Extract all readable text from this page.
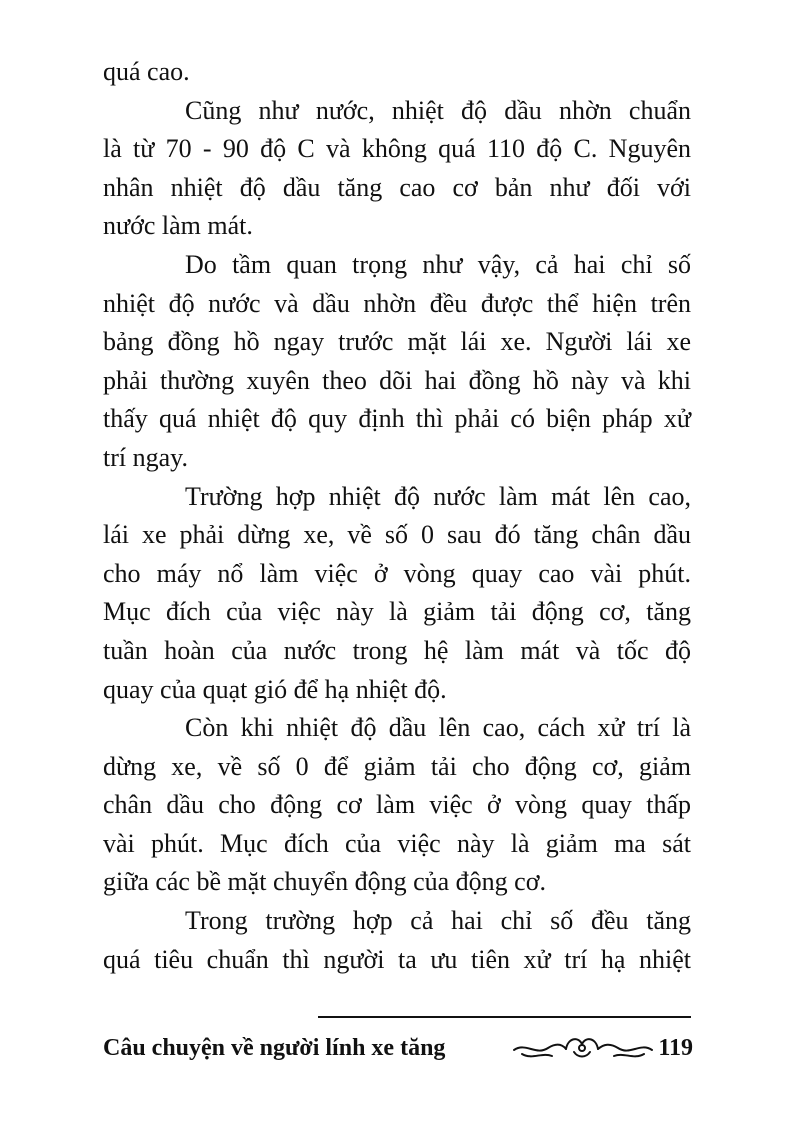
quá cao.

Cũng như nước, nhiệt độ dầu nhờn chuẩn
là từ 70 - 90 độ C và không quá 110 độ C. Nguyên
nhân nhiệt độ dầu tăng cao cơ bản như đối với
nước làm mát.

Do tầm quan trọng như vậy, cả hai chỉ số
nhiệt độ nước và dầu nhờn đều được thể hiện trên
bảng đồng hồ ngay trước mặt lái xe. Người lái xe
phải thường xuyên theo dõi hai đồng hồ này và khi
thấy quá nhiệt độ quy định thì phải có biện pháp xử
trí ngay.

Trường hợp nhiệt độ nước làm mát lên cao,
lái xe phải dừng xe, về số 0 sau đó tăng chân dầu
cho máy nổ làm việc ở vòng quay cao vài phút.
Mục đích của việc này là giảm tải động cơ, tăng
tuần hoàn của nước trong hệ làm mát và tốc độ
quay của quạt gió để hạ nhiệt độ.

Còn khi nhiệt độ dầu lên cao, cách xử trí là
dừng xe, về số 0 để giảm tải cho động cơ, giảm
chân dầu cho động cơ làm việc ở vòng quay thấp
vài phút. Mục đích của việc này là giảm ma sát
giữa các bề mặt chuyển động của động cơ.

Trong trường hợp cả hai chỉ số đều tăng
quá tiêu chuẩn thì người ta ưu tiên xử trí hạ nhiệt

Câu chuyện về người lính xe tăng	119
